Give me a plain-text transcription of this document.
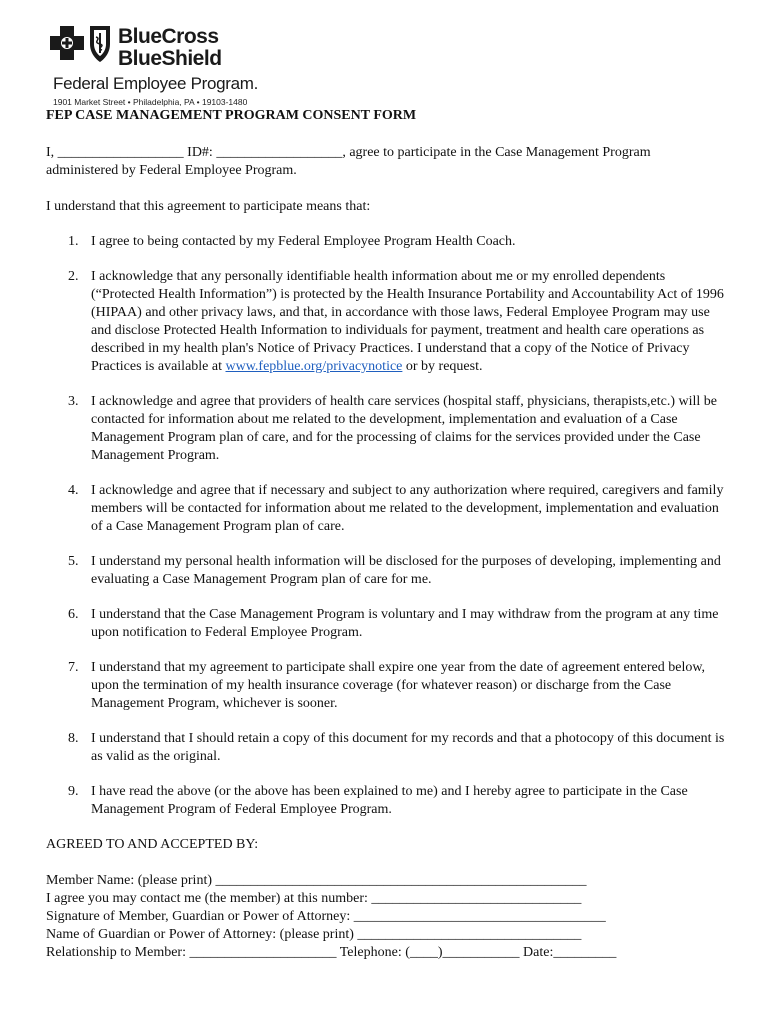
BlueCross
BlueShield
Federal Employee Program.
1901 Market Street • Philadelphia, PA • 19103-1480
FEP CASE MANAGEMENT PROGRAM CONSENT FORM

I, __________________ ID#: __________________, agree to participate in the Case Management Program
administered by Federal Employee Program.

I understand that this agreement to participate means that:

1. I agree to being contacted by my Federal Employee Program Health Coach.
2. I acknowledge that any personally identifiable health information about me or my enrolled dependents (“Protected Health Information”) is protected by the Health Insurance Portability and Accountability Act of 1996 (HIPAA) and other privacy laws, and that, in accordance with those laws, Federal Employee Program may use and disclose Protected Health Information to individuals for payment, treatment and health care operations as described in my health plan's Notice of Privacy Practices. I understand that a copy of the Notice of Privacy Practices is available at www.fepblue.org/privacynotice or by request.
3. I acknowledge and agree that providers of health care services (hospital staff, physicians, therapists,etc.) will be contacted for information about me related to the development, implementation and evaluation of a Case Management Program plan of care, and for the processing of claims for the services provided under the Case Management Program.
4. I acknowledge and agree that if necessary and subject to any authorization where required, caregivers and family members will be contacted for information about me related to the development, implementation and evaluation of a Case Management Program plan of care.
5. I understand my personal health information will be disclosed for the purposes of developing, implementing and evaluating a Case Management Program plan of care for me.
6. I understand that the Case Management Program is voluntary and I may withdraw from the program at any time upon notification to Federal Employee Program.
7. I understand that my agreement to participate shall expire one year from the date of agreement entered below, upon the termination of my health insurance coverage (for whatever reason) or discharge from the Case Management Program, whichever is sooner.
8. I understand that I should retain a copy of this document for my records and that a photocopy of this document is as valid as the original.
9. I have read the above (or the above has been explained to me) and I hereby agree to participate in the Case Management Program of Federal Employee Program.

AGREED TO AND ACCEPTED BY:

Member Name: (please print) _____________________________________________________

I agree you may contact me (the member) at this number: ______________________________

Signature of Member, Guardian or Power of Attorney: ____________________________________

Name of Guardian or Power of Attorney: (please print) ________________________________

Relationship to Member: _____________________ Telephone: (____)___________ Date:_________
